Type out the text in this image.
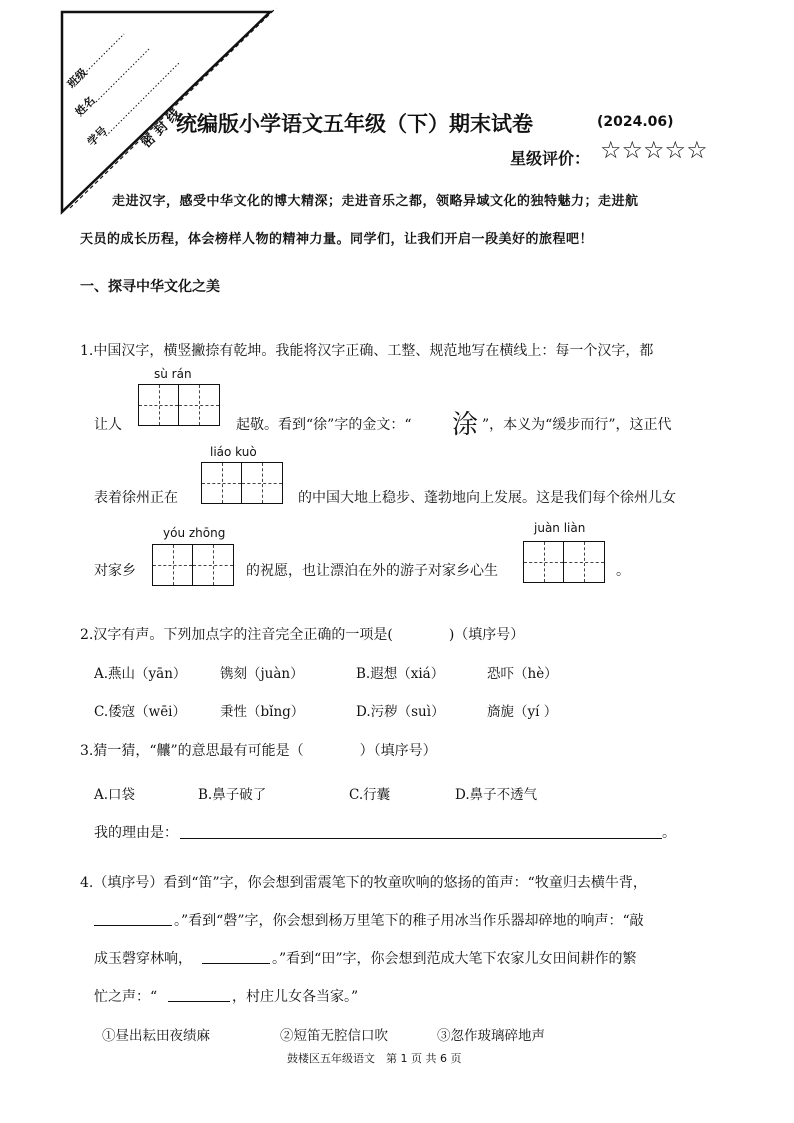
班级
姓名
学号 密 封 线
统编版小学语文五年级（下）期末试卷	(2024.06)
星级评价： ☆☆☆☆☆
走进汉字，感受中华文化的博大精深；走进音乐之都，领略异域文化的独特魅力；走进航
天员的成长历程，体会榜样人物的精神力量。同学们，让我们开启一段美好的旅程吧！
一、探寻中华文化之美
1.中国汉字，横竖撇捺有乾坤。我能将汉字正确、工整、规范地写在横线上：每一个汉字，都
sù rán
让人	起敬。看到“徐”字的金文：“ 涂 ”，本义为“缓步而行”，这正代
liáo kuò
表着徐州正在	的中国大地上稳步、蓬勃地向上发展。这是我们每个徐州儿女
yóu zhōng	juàn liàn
对家乡	的祝愿，也让漂泊在外的游子对家乡心生	。
2.汉字有声。下列加点字的注音完全正确的一项是(　　　　)（填序号）
A.燕山（yān） 镌刻（juàn）	B.遐想（xiá）	恐吓（hè）
C.倭寇（wēi）	秉性（bǐng）	D.污秽（suì）	旖旎（yí ）
3.猜一猜，“齉”的意思最有可能是（　　　　）（填序号）
A.口袋	B.鼻子破了	C.行囊	D.鼻子不透气
我的理由是：	。
4.（填序号）看到“笛”字，你会想到雷震笔下的牧童吹响的悠扬的笛声：“牧童归去横牛背，
。”看到“磬”字，你会想到杨万里笔下的稚子用冰当作乐器却碎地的响声：“敲
成玉磬穿林响，	。”看到“田”字，你会想到范成大笔下农家儿女田间耕作的繁
忙之声：“	，村庄儿女各当家。”
①昼出耘田夜绩麻	②短笛无腔信口吹	③忽作玻璃碎地声
鼓楼区五年级语文　第 1 页 共 6 页
